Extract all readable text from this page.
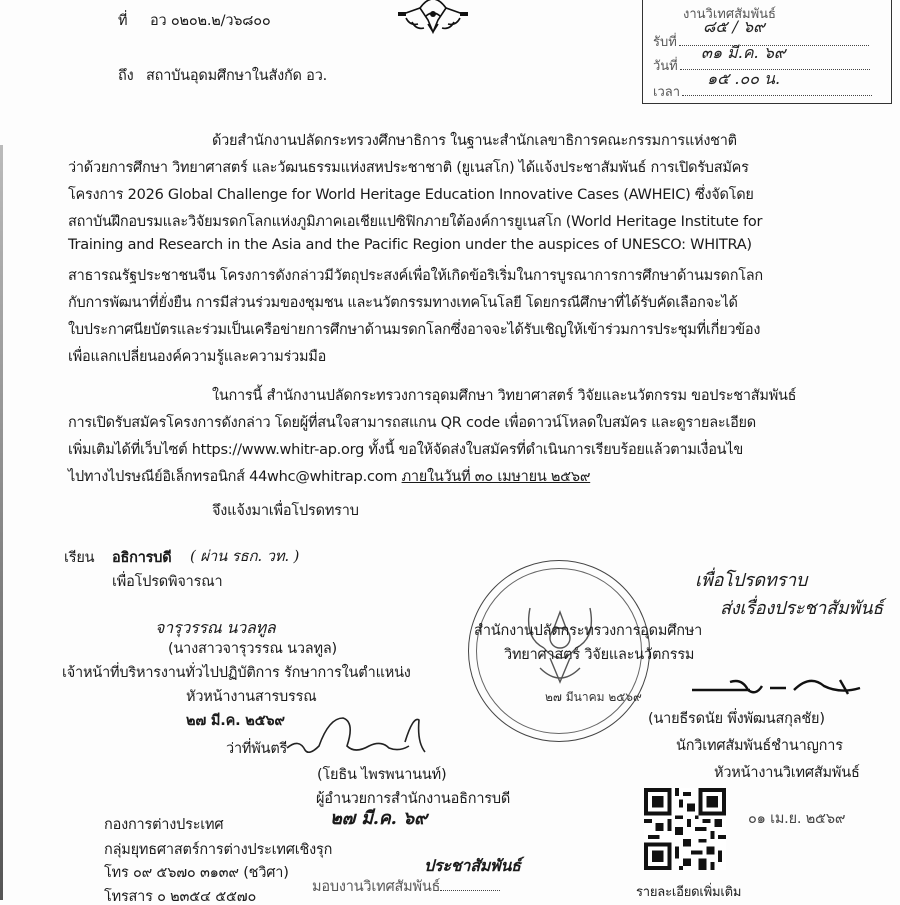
ที่ อว ๐๒๐๒.๒/ว๖๘๐๐
ถึง สถาบันอุดมศึกษาในสังกัด อว.
งานวิเทศสัมพันธ์
รับที่
วันที่
เวลา
๘๕ / ๖๙
๓๑ มี.ค. ๖๙
๑๕ .๐๐ น.
ด้วยสำนักงานปลัดกระทรวงศึกษาธิการ ในฐานะสำนักเลขาธิการคณะกรรมการแห่งชาติ
ว่าด้วยการศึกษา วิทยาศาสตร์ และวัฒนธรรมแห่งสหประชาชาติ (ยูเนสโก) ได้แจ้งประชาสัมพันธ์ การเปิดรับสมัคร
โครงการ 2026 Global Challenge for World Heritage Education Innovative Cases (AWHEIC) ซึ่งจัดโดย
สถาบันฝึกอบรมและวิจัยมรดกโลกแห่งภูมิภาคเอเชียแปซิฟิกภายใต้องค์การยูเนสโก (World Heritage Institute for
Training and Research in the Asia and the Pacific Region under the auspices of UNESCO: WHITRA)
สาธารณรัฐประชาชนจีน โครงการดังกล่าวมีวัตถุประสงค์เพื่อให้เกิดข้อริเริ่มในการบูรณาการการศึกษาด้านมรดกโลก
กับการพัฒนาที่ยั่งยืน การมีส่วนร่วมของชุมชน และนวัตกรรมทางเทคโนโลยี โดยกรณีศึกษาที่ได้รับคัดเลือกจะได้
ใบประกาศนียบัตรและร่วมเป็นเครือข่ายการศึกษาด้านมรดกโลกซึ่งอาจจะได้รับเชิญให้เข้าร่วมการประชุมที่เกี่ยวข้อง
เพื่อแลกเปลี่ยนองค์ความรู้และความร่วมมือ
ในการนี้ สำนักงานปลัดกระทรวงการอุดมศึกษา วิทยาศาสตร์ วิจัยและนวัตกรรม ขอประชาสัมพันธ์
การเปิดรับสมัครโครงการดังกล่าว โดยผู้ที่สนใจสามารถสแกน QR code เพื่อดาวน์โหลดใบสมัคร และดูรายละเอียด
เพิ่มเติมได้ที่เว็บไซต์ https://www.whitr-ap.org ทั้งนี้ ขอให้จัดส่งใบสมัครที่ดำเนินการเรียบร้อยแล้วตามเงื่อนไข
ไปทางไปรษณีย์อิเล็กทรอนิกส์ 44whc@whitrap.com ภายในวันที่ ๓๐ เมษายน ๒๕๖๙
จึงแจ้งมาเพื่อโปรดทราบ
เรียน อธิการบดี ( ผ่าน รธก. วท. )
เพื่อโปรดพิจารณา
จารุวรรณ นวลทูล
(นางสาวจารุวรรณ นวลทูล)
เจ้าหน้าที่บริหารงานทั่วไปปฏิบัติการ รักษาการในตำแหน่ง
หัวหน้างานสารบรรณ
๒๗ มี.ค. ๒๕๖๙
ว่าที่พันตรี
(โยธิน ไพรพนานนท์)
ผู้อำนวยการสำนักงานอธิการบดี
๒๗ มี.ค. ๖๙
มอบงานวิเทศสัมพันธ์
ประชาสัมพันธ์
สำนักงานปลัดกระทรวงการอุดมศึกษา
วิทยาศาสตร์ วิจัยและนวัตกรรม
๒๗ มีนาคม ๒๕๖๙
เพื่อโปรดทราบ
ส่งเรื่องประชาสัมพันธ์
(นายธีรดนัย พึ่งพัฒนสกุลชัย)
นักวิเทศสัมพันธ์ชำนาญการ
หัวหน้างานวิเทศสัมพันธ์
๐๑ เม.ย. ๒๕๖๙
รายละเอียดเพิ่มเติม
กองการต่างประเทศ
กลุ่มยุทธศาสตร์การต่างประเทศเชิงรุก
โทร ๐๙ ๕๖๗๐ ๓๑๓๙ (ชวิศา)
โทรสาร ๐ ๒๓๕๔ ๕๕๗๐
